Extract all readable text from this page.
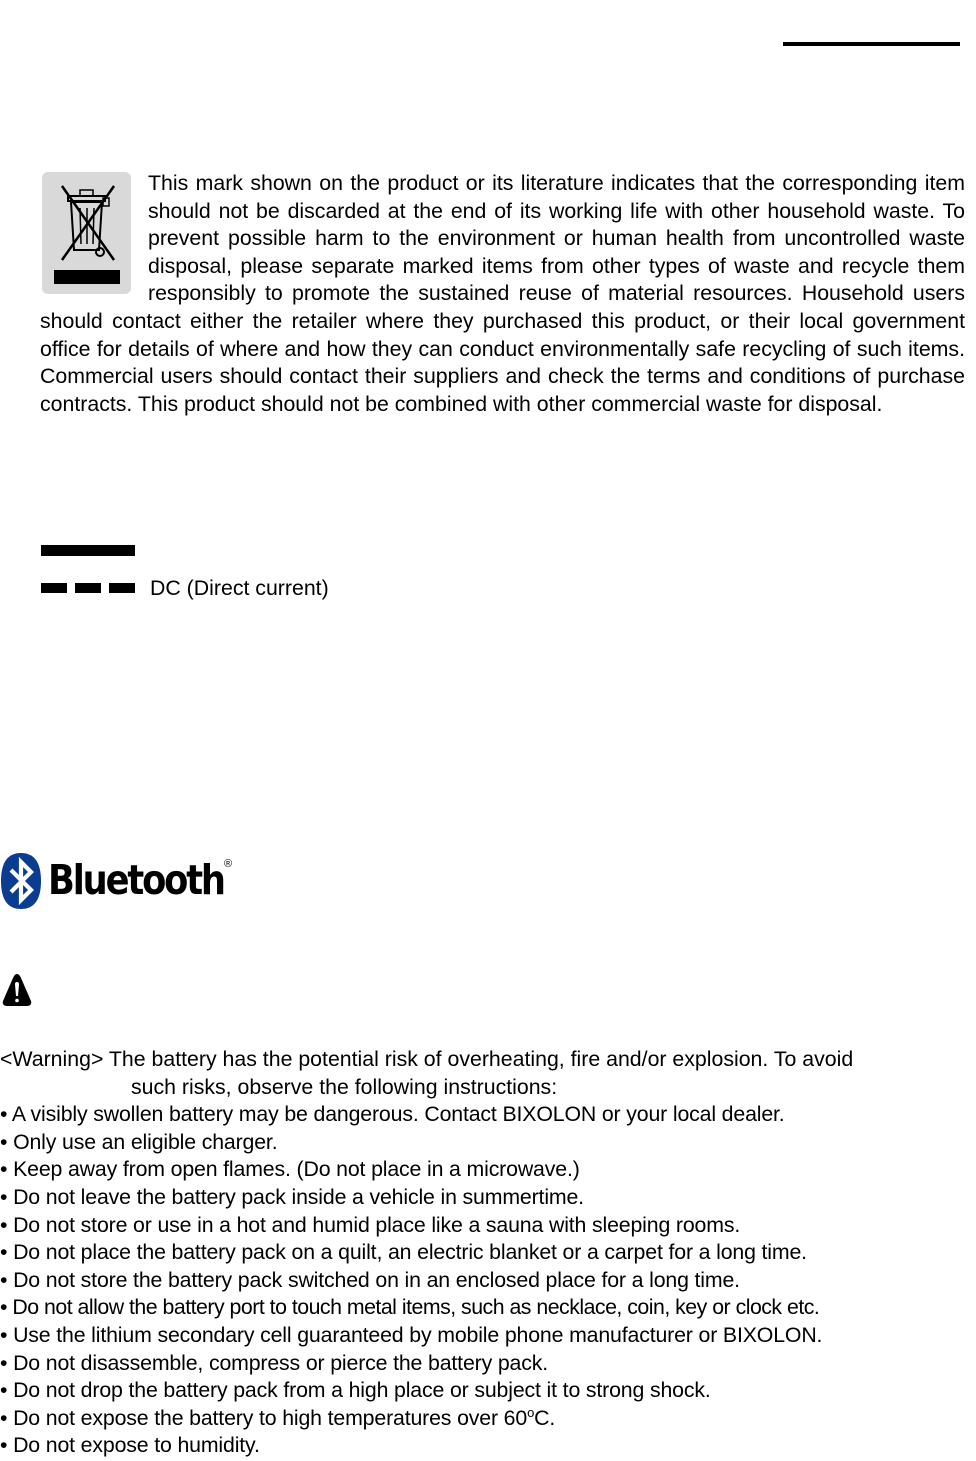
This mark shown on the product or its literature indicates that the corresponding item should not be discarded at the end of its working life with other household waste. To prevent possible harm to the environment or human health from uncontrolled waste disposal, please separate marked items from other types of waste and recycle them responsibly to promote the sustained reuse of material resources. Household users should contact either the retailer where they purchased this product, or their local government office for details of where and how they can conduct environmentally safe recycling of such items. Commercial users should contact their suppliers and check the terms and conditions of purchase contracts. This product should not be combined with other commercial waste for disposal.

DC (Direct current)
Bluetooth ®

<Warning> The battery has the potential risk of overheating, fire and/or explosion. To avoid

such risks, observe the following instructions:

• A visibly swollen battery may be dangerous. Contact BIXOLON or your local dealer.

• Only use an eligible charger.

• Keep away from open flames. (Do not place in a microwave.)

• Do not leave the battery pack inside a vehicle in summertime.

• Do not store or use in a hot and humid place like a sauna with sleeping rooms.

• Do not place the battery pack on a quilt, an electric blanket or a carpet for a long time.

• Do not store the battery pack switched on in an enclosed place for a long time.

• Do not allow the battery port to touch metal items, such as necklace, coin, key or clock etc.

• Use the lithium secondary cell guaranteed by mobile phone manufacturer or BIXOLON.

• Do not disassemble, compress or pierce the battery pack.

• Do not drop the battery pack from a high place or subject it to strong shock.

• Do not expose the battery to high temperatures over 60$^o$C.

• Do not expose to humidity.
